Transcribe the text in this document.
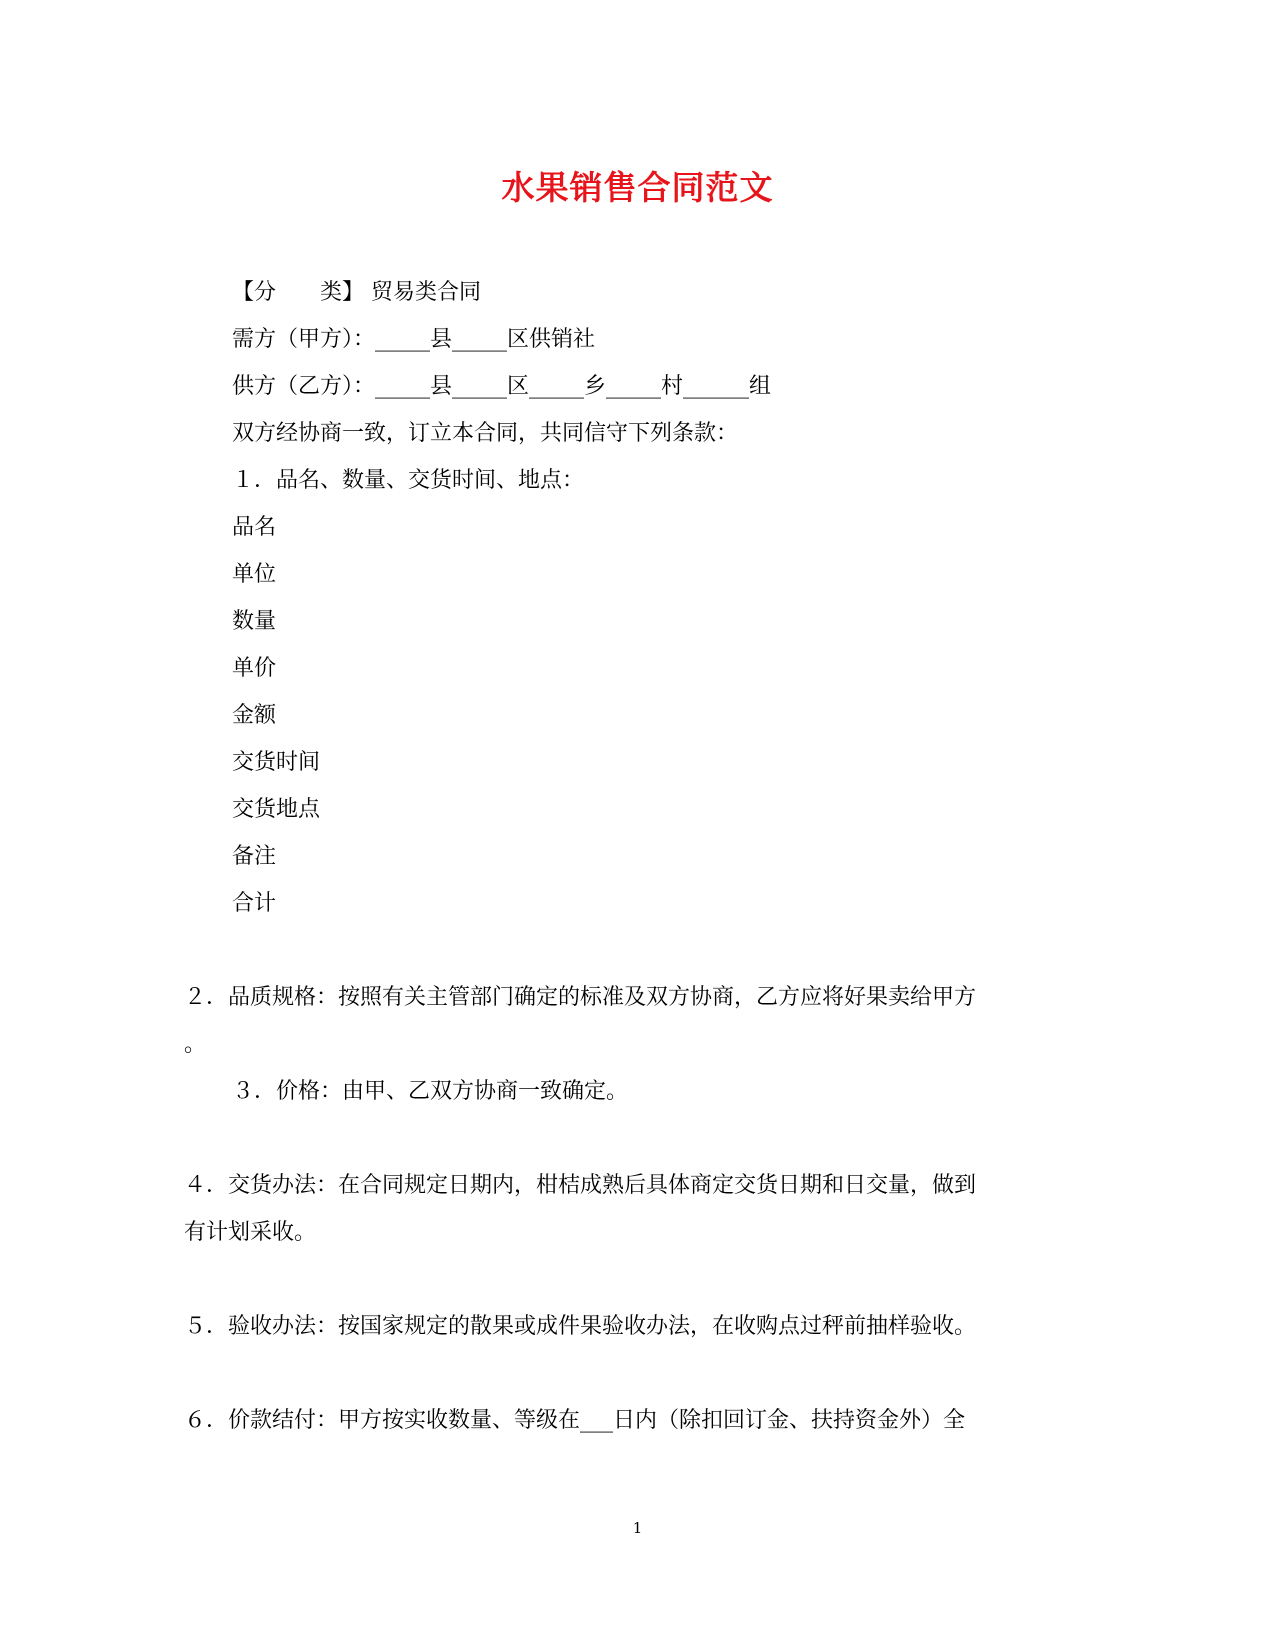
水果销售合同范文
【分　　类】 贸易类合同
需方（甲方）：_____县_____区供销社
供方（乙方）：_____县_____区_____乡_____村______组
双方经协商一致，订立本合同，共同信守下列条款：
１．品名、数量、交货时间、地点：
品名
单位
数量
单价
金额
交货时间
交货地点
备注
合计
２．品质规格：按照有关主管部门确定的标准及双方协商，乙方应将好果卖给甲方
。
３．价格：由甲、乙双方协商一致确定。
４．交货办法：在合同规定日期内，柑桔成熟后具体商定交货日期和日交量，做到
有计划采收。
５．验收办法：按国家规定的散果或成件果验收办法，在收购点过秤前抽样验收。
６．价款结付：甲方按实收数量、等级在___日内（除扣回订金、扶持资金外）全
1
